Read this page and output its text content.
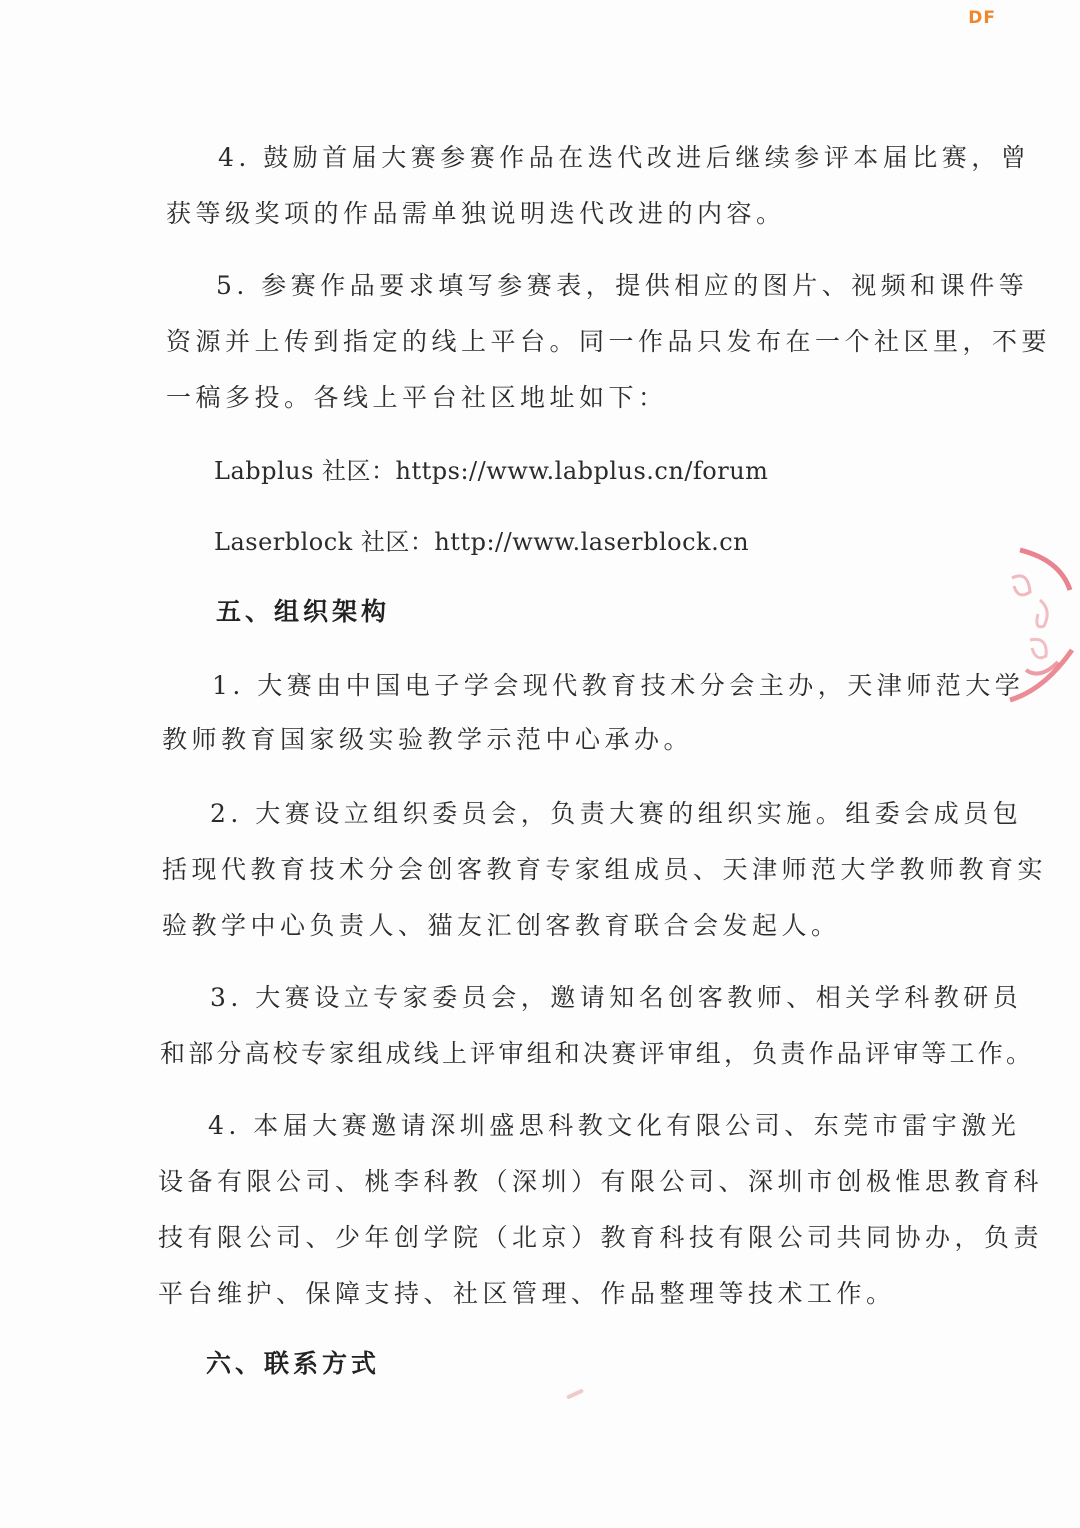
DF
4. 鼓励首届大赛参赛作品在迭代改进后继续参评本届比赛，曾
获等级奖项的作品需单独说明迭代改进的内容。
5. 参赛作品要求填写参赛表，提供相应的图片、视频和课件等
资源并上传到指定的线上平台。同一作品只发布在一个社区里，不要
一稿多投。各线上平台社区地址如下：
Labplus 社区：https://www.labplus.cn/forum
Laserblock 社区：http://www.laserblock.cn
五、组织架构
1. 大赛由中国电子学会现代教育技术分会主办，天津师范大学
教师教育国家级实验教学示范中心承办。
2. 大赛设立组织委员会，负责大赛的组织实施。组委会成员包
括现代教育技术分会创客教育专家组成员、天津师范大学教师教育实
验教学中心负责人、猫友汇创客教育联合会发起人。
3. 大赛设立专家委员会，邀请知名创客教师、相关学科教研员
和部分高校专家组成线上评审组和决赛评审组，负责作品评审等工作。
4. 本届大赛邀请深圳盛思科教文化有限公司、东莞市雷宇激光
设备有限公司、桃李科教（深圳）有限公司、深圳市创极惟思教育科
技有限公司、少年创学院（北京）教育科技有限公司共同协办，负责
平台维护、保障支持、社区管理、作品整理等技术工作。
六、联系方式
